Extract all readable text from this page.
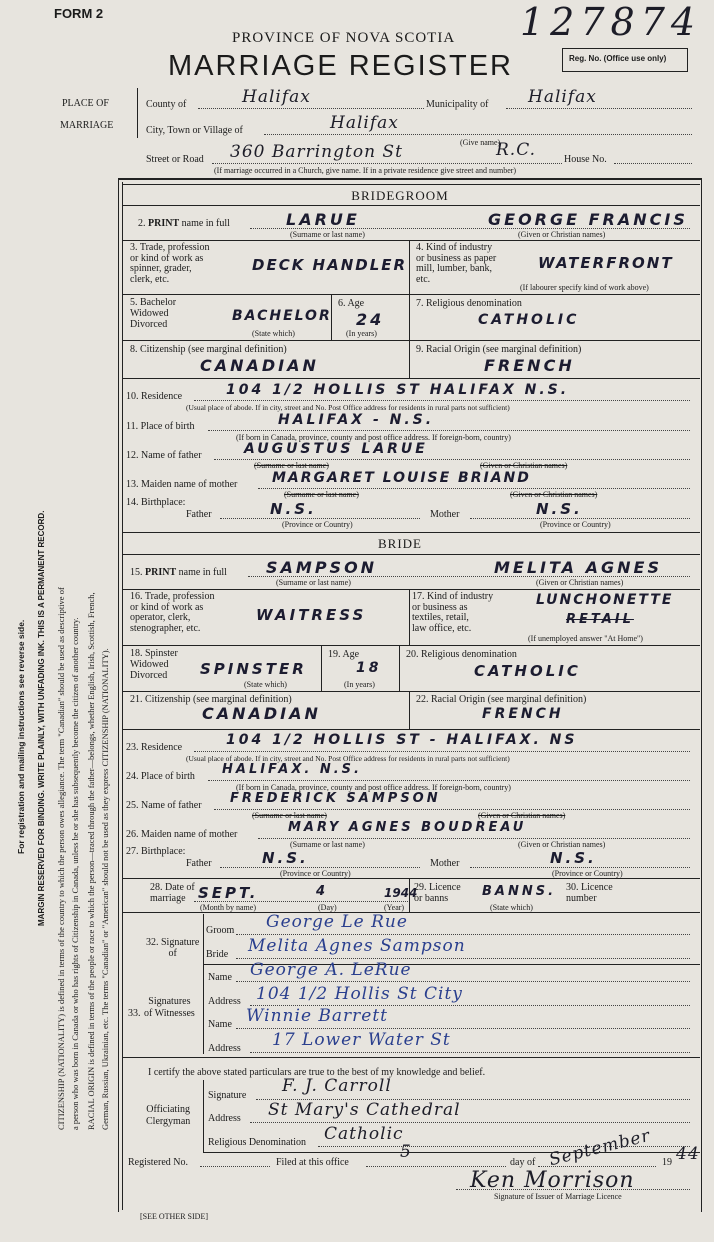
FORM 2
PROVINCE OF NOVA SCOTIA
MARRIAGE REGISTER
127874
Reg. No. (Office use only)
PLACE OF
MARRIAGE
County of	Halifax	Municipality of Halifax
City, Town or Village of	Halifax
(Give name)
Street or Road 360 Barrington St	R.C.	House No.
(If marriage occurred in a Church, give name. If in a private residence give street and number)
BRIDEGROOM
2. PRINT name in full	LARUE	GEORGE FRANCIS
(Surname or last name)	(Given or Christian names)
3. Trade, profession
or kind of work as
spinner, grader,
clerk, etc.
DECK HANDLER
4. Kind of industry
or business as paper
mill, lumber, bank,
etc.
WATERFRONT
(If labourer specify kind of work above)
5. Bachelor
Widowed
Divorced
BACHELOR
(State which)
6. Age
24
(In years)
7. Religious denomination
CATHOLIC
8. Citizenship (see marginal definition)
CANADIAN
9. Racial Origin (see marginal definition)
FRENCH
10. Residence	104 1/2 HOLLIS ST HALIFAX N.S.
(Usual place of abode. If in city, street and No. Post Office address for residents in rural parts not sufficient)
11. Place of birth	HALIFAX - N.S.
(If born in Canada, province, county and post office address. If foreign-born, country)
12. Name of father	AUGUSTUS LARUE
(Surname or last name)	(Given or Christian names)
13. Maiden name of mother MARGARET LOUISE BRIAND
(Surname or last name)	(Given or Christian names)
14. Birthplace:
Father	N.S.
(Province or Country)
Mother	N.S.
(Province or Country)
BRIDE
15. PRINT name in full SAMPSON	MELITA AGNES
(Surname or last name)	(Given or Christian names)
16. Trade, profession
or kind of work as
operator, clerk,
stenographer, etc.
WAITRESS
17. Kind of industry
or business as
textiles, retail,
law office, etc.
LUNCHONETTE
RETAIL
(If unemployed answer "At Home")
18. Spinster
Widowed
Divorced	SPINSTER
(State which)
19. Age
18
(In years)
20. Religious denomination
CATHOLIC
21. Citizenship (see marginal definition)
CANADIAN
22. Racial Origin (see marginal definition)
FRENCH
23. Residence	104 1/2 HOLLIS ST - HALIFAX. NS
(Usual place of abode. If in city, street and No. Post Office address for residents in rural parts not sufficient)
24. Place of birth HALIFAX. N.S.
(If born in Canada, province, county and post office address. If foreign-born, country)
25. Name of father FREDERICK SAMPSON
(Surname or last name)	(Given or Christian names)
26. Maiden name of mother	MARY AGNES BOUDREAU
(Surname or last name)	(Given or Christian names)
27. Birthplace:
Father	N.S.
(Province or Country)
Mother	N.S.
(Province or Country)
28. Date of
marriage SEPT.	4	1944
(Month by name)	(Day)	(Year)
29. Licence
or banns	BANNS.
(State which)
30. Licence
number
32. Signature
of
Groom George Le Rue
Bride Melita Agnes Sampson
Signatures
of Witnesses
33.
Name George A. LeRue
Address 104 1/2 Hollis St City
Name Winnie Barrett
Address 17 Lower Water St
I certify the above stated particulars are true to the best of my knowledge and belief.
Officiating
Clergyman
Signature F. J. Carroll
Address St Mary's Cathedral
Religious Denomination Catholic
Registered No.	Filed at this office
5
day of September 19 44
Ken Morrison
Signature of Issuer of Marriage Licence
[SEE OTHER SIDE]
For registration and mailing instructions see reverse side. MARGIN RESERVED FOR BINDING. WRITE PLAINLY, WITH UNFADING INK. THIS IS A PERMANENT RECORD. CITIZENSHIP (NATIONALITY) is defined in terms of the country to which the person owes allegiance. The term "Canadian" should be used as descriptive of a person who was born in Canada or who has rights of Citizenship in Canada, unless he or she has subsequently become the citizen of another country. RACIAL ORIGIN is defined in terms of the people or race to which the person—traced through the father—belongs, whether English, Irish, Scottish, French, German, Russian, Ukrainian, etc. The terms "Canadian" or "American" should not be used as they express CITIZENSHIP (NATIONALITY).
